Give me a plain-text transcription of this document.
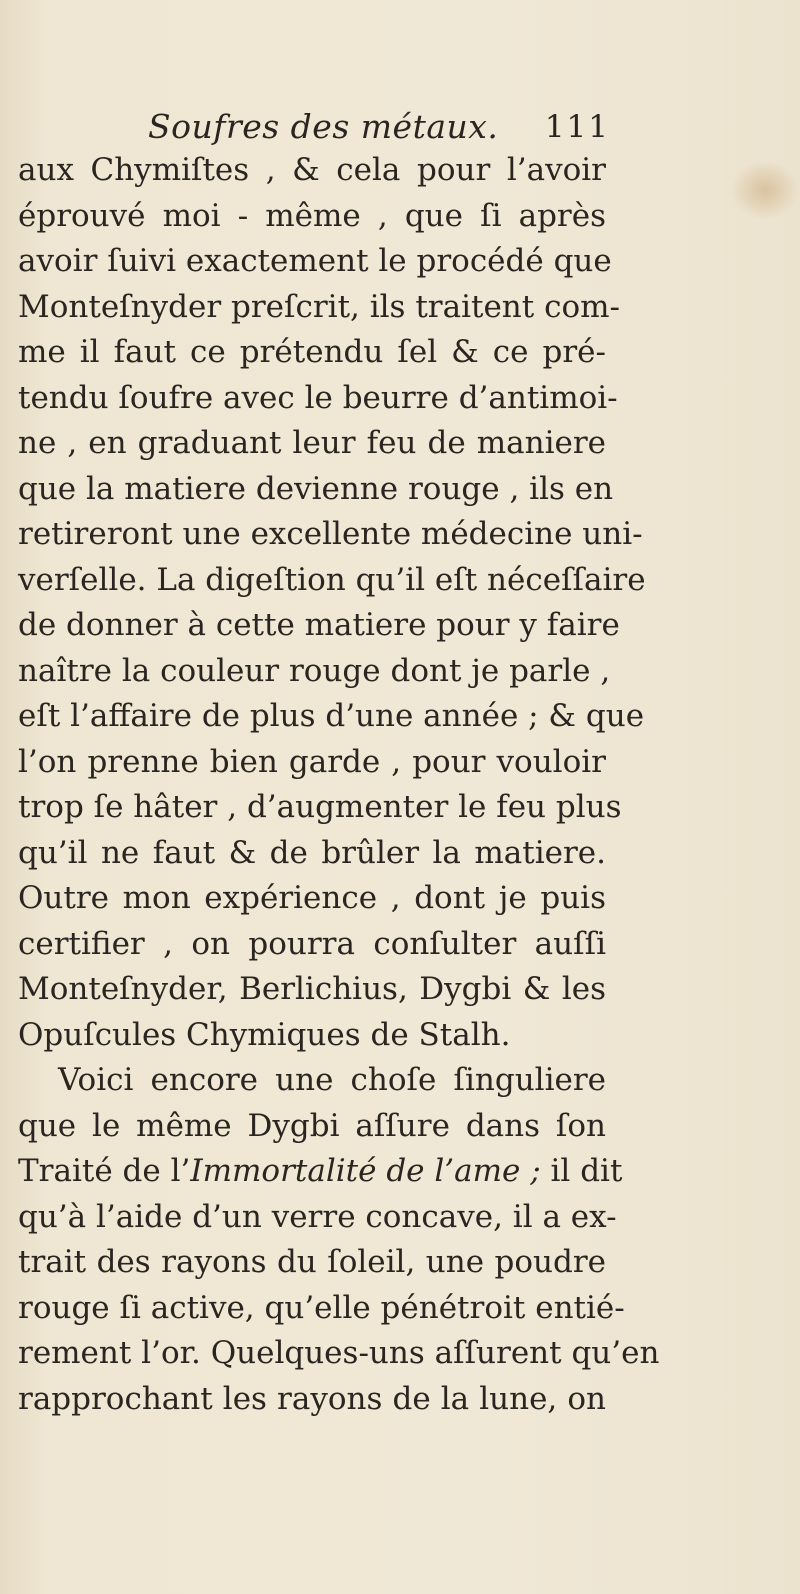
Soufres des métaux. 111
aux Chymiſtes , & cela pour l’avoir
éprouvé moi - même , que ſi après
avoir ſuivi exactement le procédé que
Monteſnyder preſcrit, ils traitent com-
me il faut ce prétendu ſel & ce pré-
tendu ſoufre avec le beurre d’antimoi-
ne , en graduant leur feu de maniere
que la matiere devienne rouge , ils en
retireront une excellente médecine uni-
verſelle. La digeſtion qu’il eſt néceſſaire
de donner à cette matiere pour y faire
naître la couleur rouge dont je parle ,
eſt l’affaire de plus d’une année ; & que
l’on prenne bien garde , pour vouloir
trop ſe hâter , d’augmenter le feu plus
qu’il ne faut & de brûler la matiere.
Outre mon expérience , dont je puis
certifier , on pourra conſulter auſſi
Monteſnyder, Berlichius, Dygbi & les
Opuſcules Chymiques de Stalh.
Voici encore une choſe ſinguliere
que le même Dygbi aſſure dans ſon
Traité de l’Immortalité de l’ame ; il dit
qu’à l’aide d’un verre concave, il a ex-
trait des rayons du ſoleil, une poudre
rouge ſi active, qu’elle pénétroit entié-
rement l’or. Quelques-uns aſſurent qu’en
rapprochant les rayons de la lune, on
